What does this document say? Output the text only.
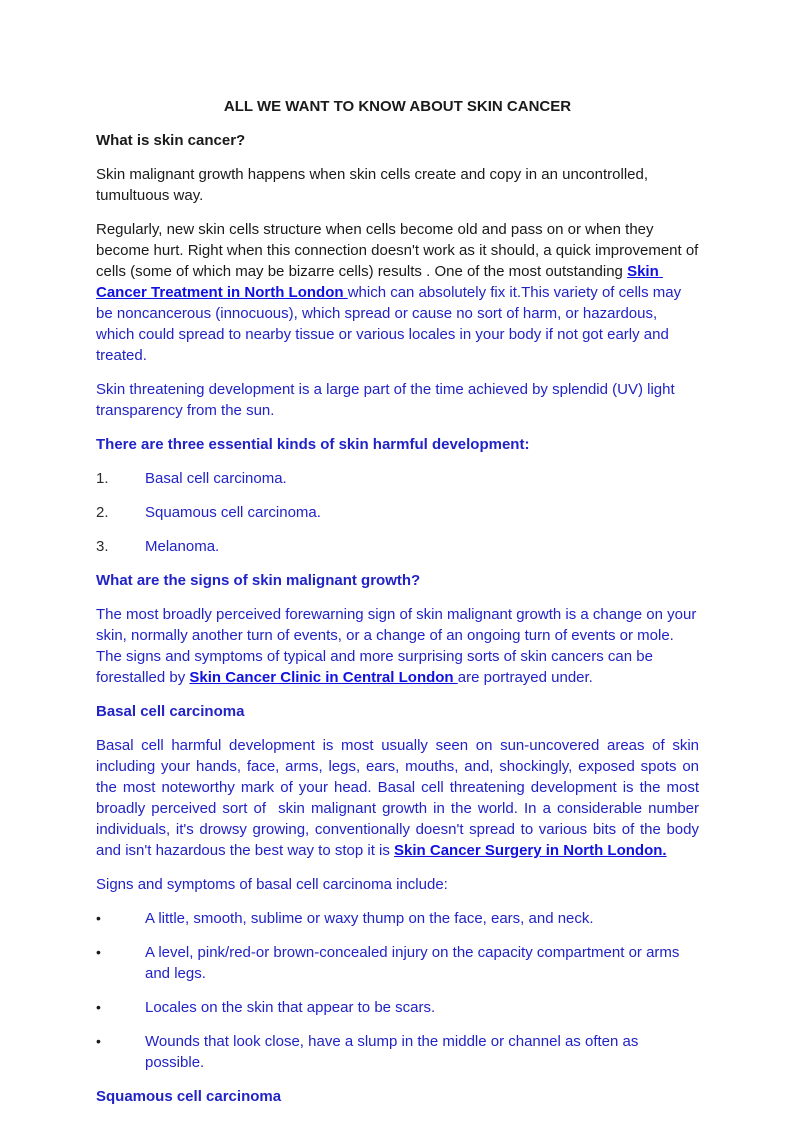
ALL WE WANT TO KNOW ABOUT SKIN CANCER

What is skin cancer?

Skin malignant growth happens when skin cells create and copy in an uncontrolled, tumultuous way.

Regularly, new skin cells structure when cells become old and pass on or when they become hurt. Right when this connection doesn't work as it should, a quick improvement of cells (some of which may be bizarre cells) results . One of the most outstanding Skin Cancer Treatment in North London which can absolutely fix it.This variety of cells may be noncancerous (innocuous), which spread or cause no sort of harm, or hazardous, which could spread to nearby tissue or various locales in your body if not got early and treated.

Skin threatening development is a large part of the time achieved by splendid (UV) light transparency from the sun.

There are three essential kinds of skin harmful development:

1.	Basal cell carcinoma.
2.	Squamous cell carcinoma.
3.	Melanoma.

What are the signs of skin malignant growth?

The most broadly perceived forewarning sign of skin malignant growth is a change on your skin, normally another turn of events, or a change of an ongoing turn of events or mole. The signs and symptoms of typical and more surprising sorts of skin cancers can be forestalled by Skin Cancer Clinic in Central London are portrayed under.

Basal cell carcinoma

Basal cell harmful development is most usually seen on sun-uncovered areas of skin including your hands, face, arms, legs, ears, mouths, and, shockingly, exposed spots on the most noteworthy mark of your head. Basal cell threatening development is the most broadly perceived sort of  skin malignant growth in the world. In a considerable number individuals, it's drowsy growing, conventionally doesn't spread to various bits of the body and isn't hazardous the best way to stop it is Skin Cancer Surgery in North London.

Signs and symptoms of basal cell carcinoma include:

•	A little, smooth, sublime or waxy thump on the face, ears, and neck.
•	A level, pink/red-or brown-concealed injury on the capacity compartment or arms and legs.
•	Locales on the skin that appear to be scars.
•	Wounds that look close, have a slump in the middle or channel as often as possible.

Squamous cell carcinoma
